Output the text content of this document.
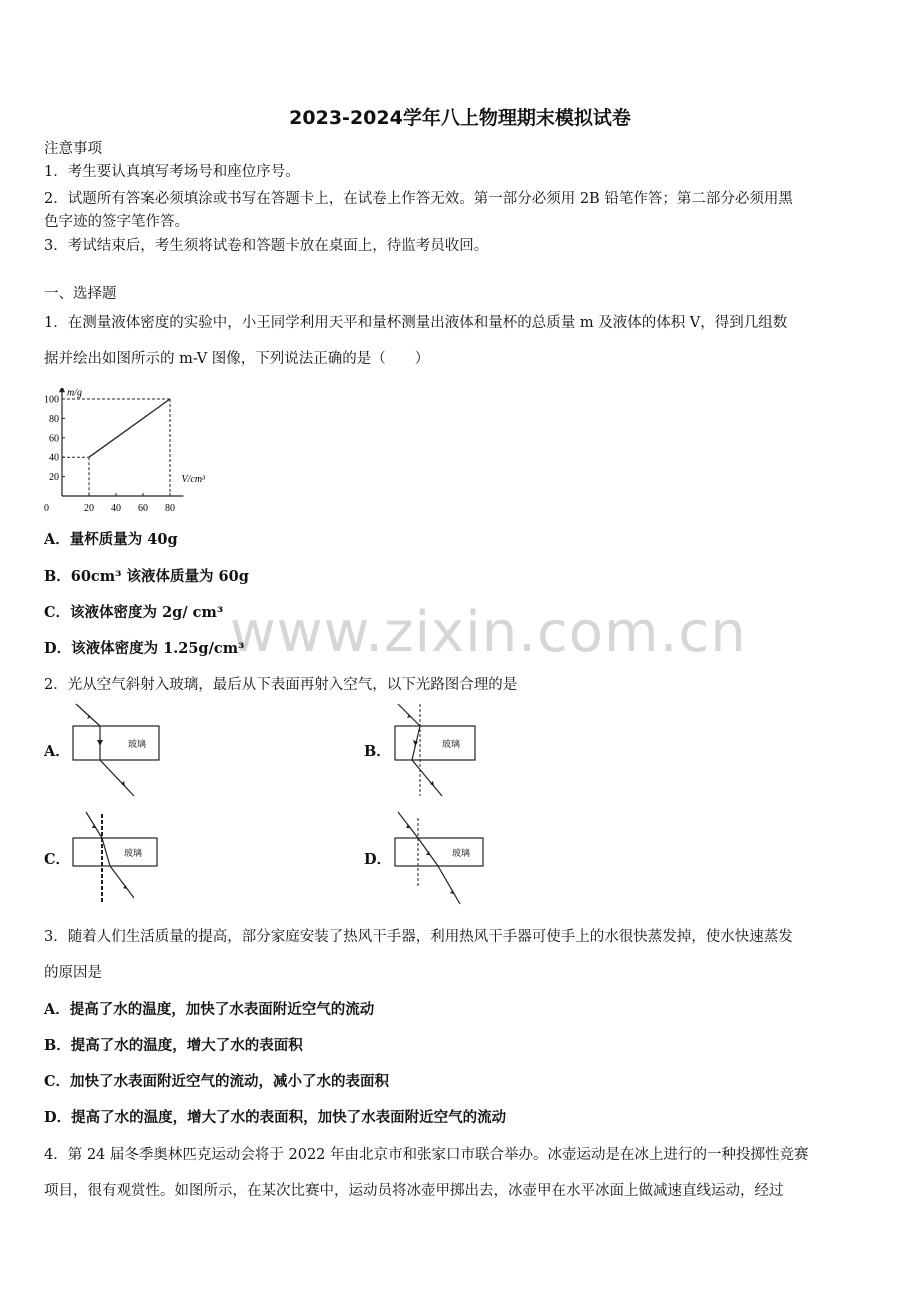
www.zixin.com.cn
2023-2024学年八上物理期末模拟试卷
注意事项
1．考生要认真填写考场号和座位序号。
2．试题所有答案必须填涂或书写在答题卡上，在试卷上作答无效。第一部分必须用 2B 铅笔作答；第二部分必须用黑
色字迹的签字笔作答。
3．考试结束后，考生须将试卷和答题卡放在桌面上，待监考员收回。
一、选择题
1．在测量液体密度的实验中，小王同学利用天平和量杯测量出液体和量杯的总质量 m 及液体的体积 V，得到几组数
据并绘出如图所示的 m-V 图像，下列说法正确的是（　　）
m/g
V/cm³
20
40
60
80
100
0	20 40 60 80
A．量杯质量为 40g
B．60cm³ 该液体质量为 60g
C．该液体密度为 2g/ cm³
D．该液体密度为 1.25g/cm³
2．光从空气斜射入玻璃，最后从下表面再射入空气，以下光路图合理的是
A．	玻璃	B．	玻璃
C．	玻璃	D．	玻璃
3．随着人们生活质量的提高，部分家庭安装了热风干手器，利用热风干手器可使手上的水很快蒸发掉，使水快速蒸发
的原因是
A．提高了水的温度，加快了水表面附近空气的流动
B．提高了水的温度，增大了水的表面积
C．加快了水表面附近空气的流动，减小了水的表面积
D．提高了水的温度，增大了水的表面积，加快了水表面附近空气的流动
4．第 24 届冬季奥林匹克运动会将于 2022 年由北京市和张家口市联合举办。冰壶运动是在冰上进行的一种投掷性竞赛
项目，很有观赏性。如图所示，在某次比赛中，运动员将冰壶甲掷出去，冰壶甲在水平冰面上做减速直线运动，经过
